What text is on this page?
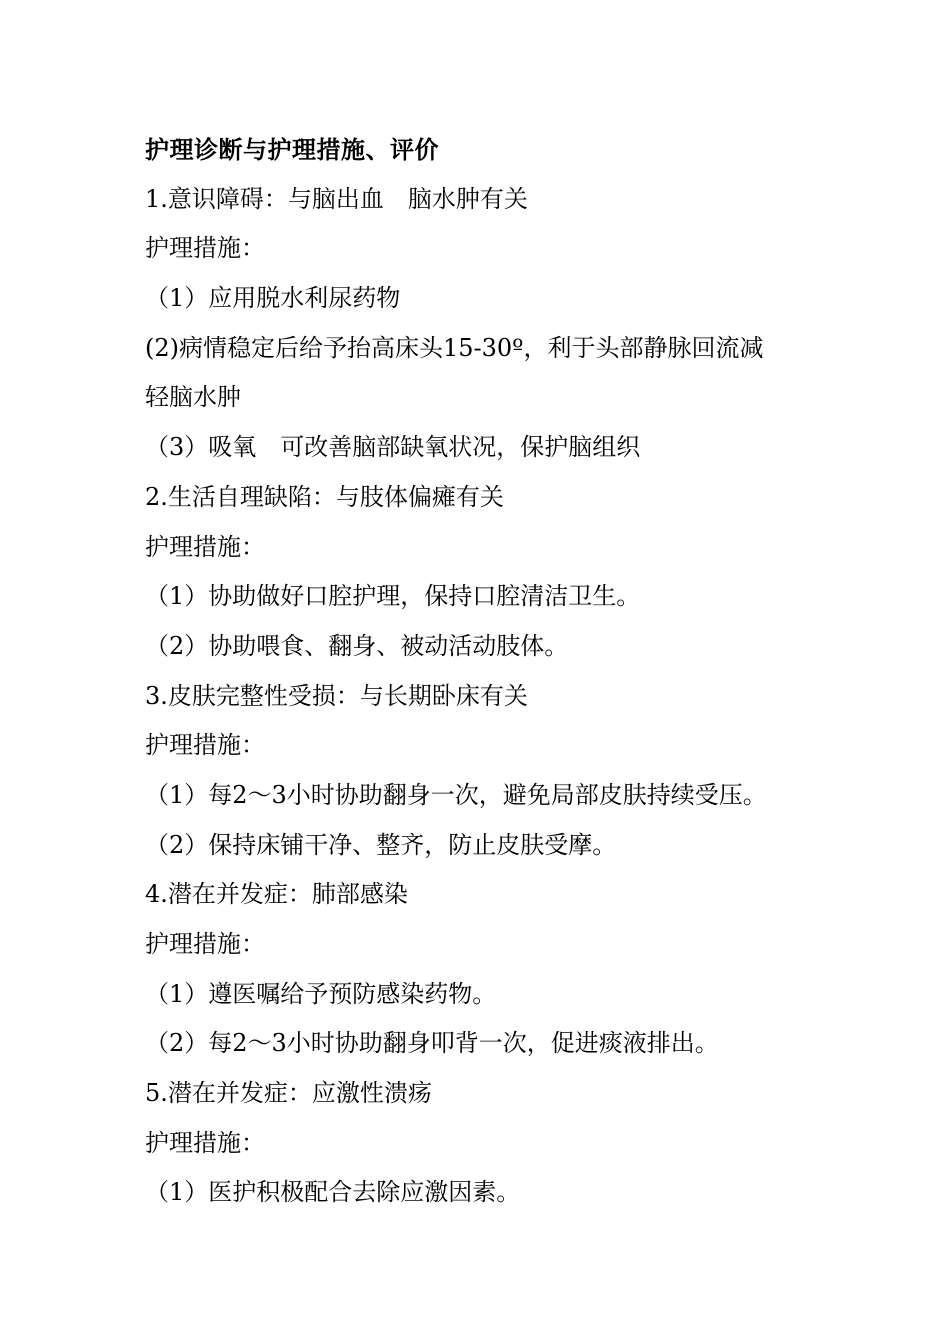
护理诊断与护理措施、评价
1.意识障碍：与脑出血　脑水肿有关
护理措施：
（1）应用脱水利尿药物
(2)病情稳定后给予抬高床头15-30º，利于头部静脉回流减
轻脑水肿
（3）吸氧　可改善脑部缺氧状况，保护脑组织
2.生活自理缺陷：与肢体偏瘫有关
护理措施：
（1）协助做好口腔护理，保持口腔清洁卫生。
（2）协助喂食、翻身、被动活动肢体。
3.皮肤完整性受损：与长期卧床有关
护理措施：
（1）每2～3小时协助翻身一次，避免局部皮肤持续受压。
（2）保持床铺干净、整齐，防止皮肤受摩。
4.潜在并发症：肺部感染
护理措施：
（1）遵医嘱给予预防感染药物。
（2）每2～3小时协助翻身叩背一次，促进痰液排出。
5.潜在并发症：应激性溃疡
护理措施：
（1）医护积极配合去除应激因素。
